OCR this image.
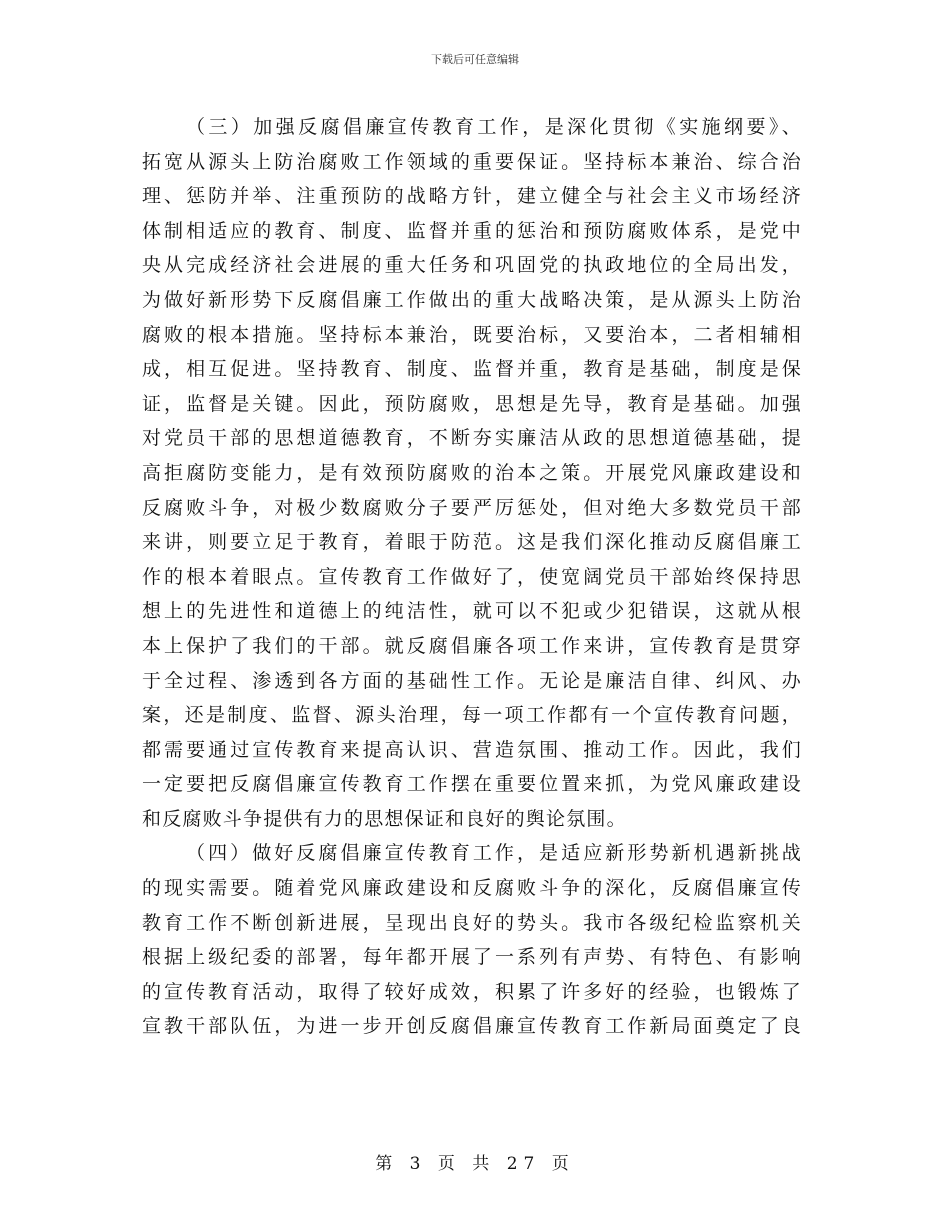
下载后可任意编辑
（三）加强反腐倡廉宣传教育工作，是深化贯彻《实施纲要》、
拓宽从源头上防治腐败工作领域的重要保证。坚持标本兼治、综合治
理、惩防并举、注重预防的战略方针，建立健全与社会主义市场经济
体制相适应的教育、制度、监督并重的惩治和预防腐败体系，是党中
央从完成经济社会进展的重大任务和巩固党的执政地位的全局出发，
为做好新形势下反腐倡廉工作做出的重大战略决策，是从源头上防治
腐败的根本措施。坚持标本兼治，既要治标，又要治本，二者相辅相
成，相互促进。坚持教育、制度、监督并重，教育是基础，制度是保
证，监督是关键。因此，预防腐败，思想是先导，教育是基础。加强
对党员干部的思想道德教育，不断夯实廉洁从政的思想道德基础，提
高拒腐防变能力，是有效预防腐败的治本之策。开展党风廉政建设和
反腐败斗争，对极少数腐败分子要严厉惩处，但对绝大多数党员干部
来讲，则要立足于教育，着眼于防范。这是我们深化推动反腐倡廉工
作的根本着眼点。宣传教育工作做好了，使宽阔党员干部始终保持思
想上的先进性和道德上的纯洁性，就可以不犯或少犯错误，这就从根
本上保护了我们的干部。就反腐倡廉各项工作来讲，宣传教育是贯穿
于全过程、渗透到各方面的基础性工作。无论是廉洁自律、纠风、办
案，还是制度、监督、源头治理，每一项工作都有一个宣传教育问题，
都需要通过宣传教育来提高认识、营造氛围、推动工作。因此，我们
一定要把反腐倡廉宣传教育工作摆在重要位置来抓，为党风廉政建设
和反腐败斗争提供有力的思想保证和良好的舆论氛围。
（四）做好反腐倡廉宣传教育工作，是适应新形势新机遇新挑战
的现实需要。随着党风廉政建设和反腐败斗争的深化，反腐倡廉宣传
教育工作不断创新进展，呈现出良好的势头。我市各级纪检监察机关
根据上级纪委的部署，每年都开展了一系列有声势、有特色、有影响
的宣传教育活动，取得了较好成效，积累了许多好的经验，也锻炼了
宣教干部队伍，为进一步开创反腐倡廉宣传教育工作新局面奠定了良
第 3 页 共 27 页
